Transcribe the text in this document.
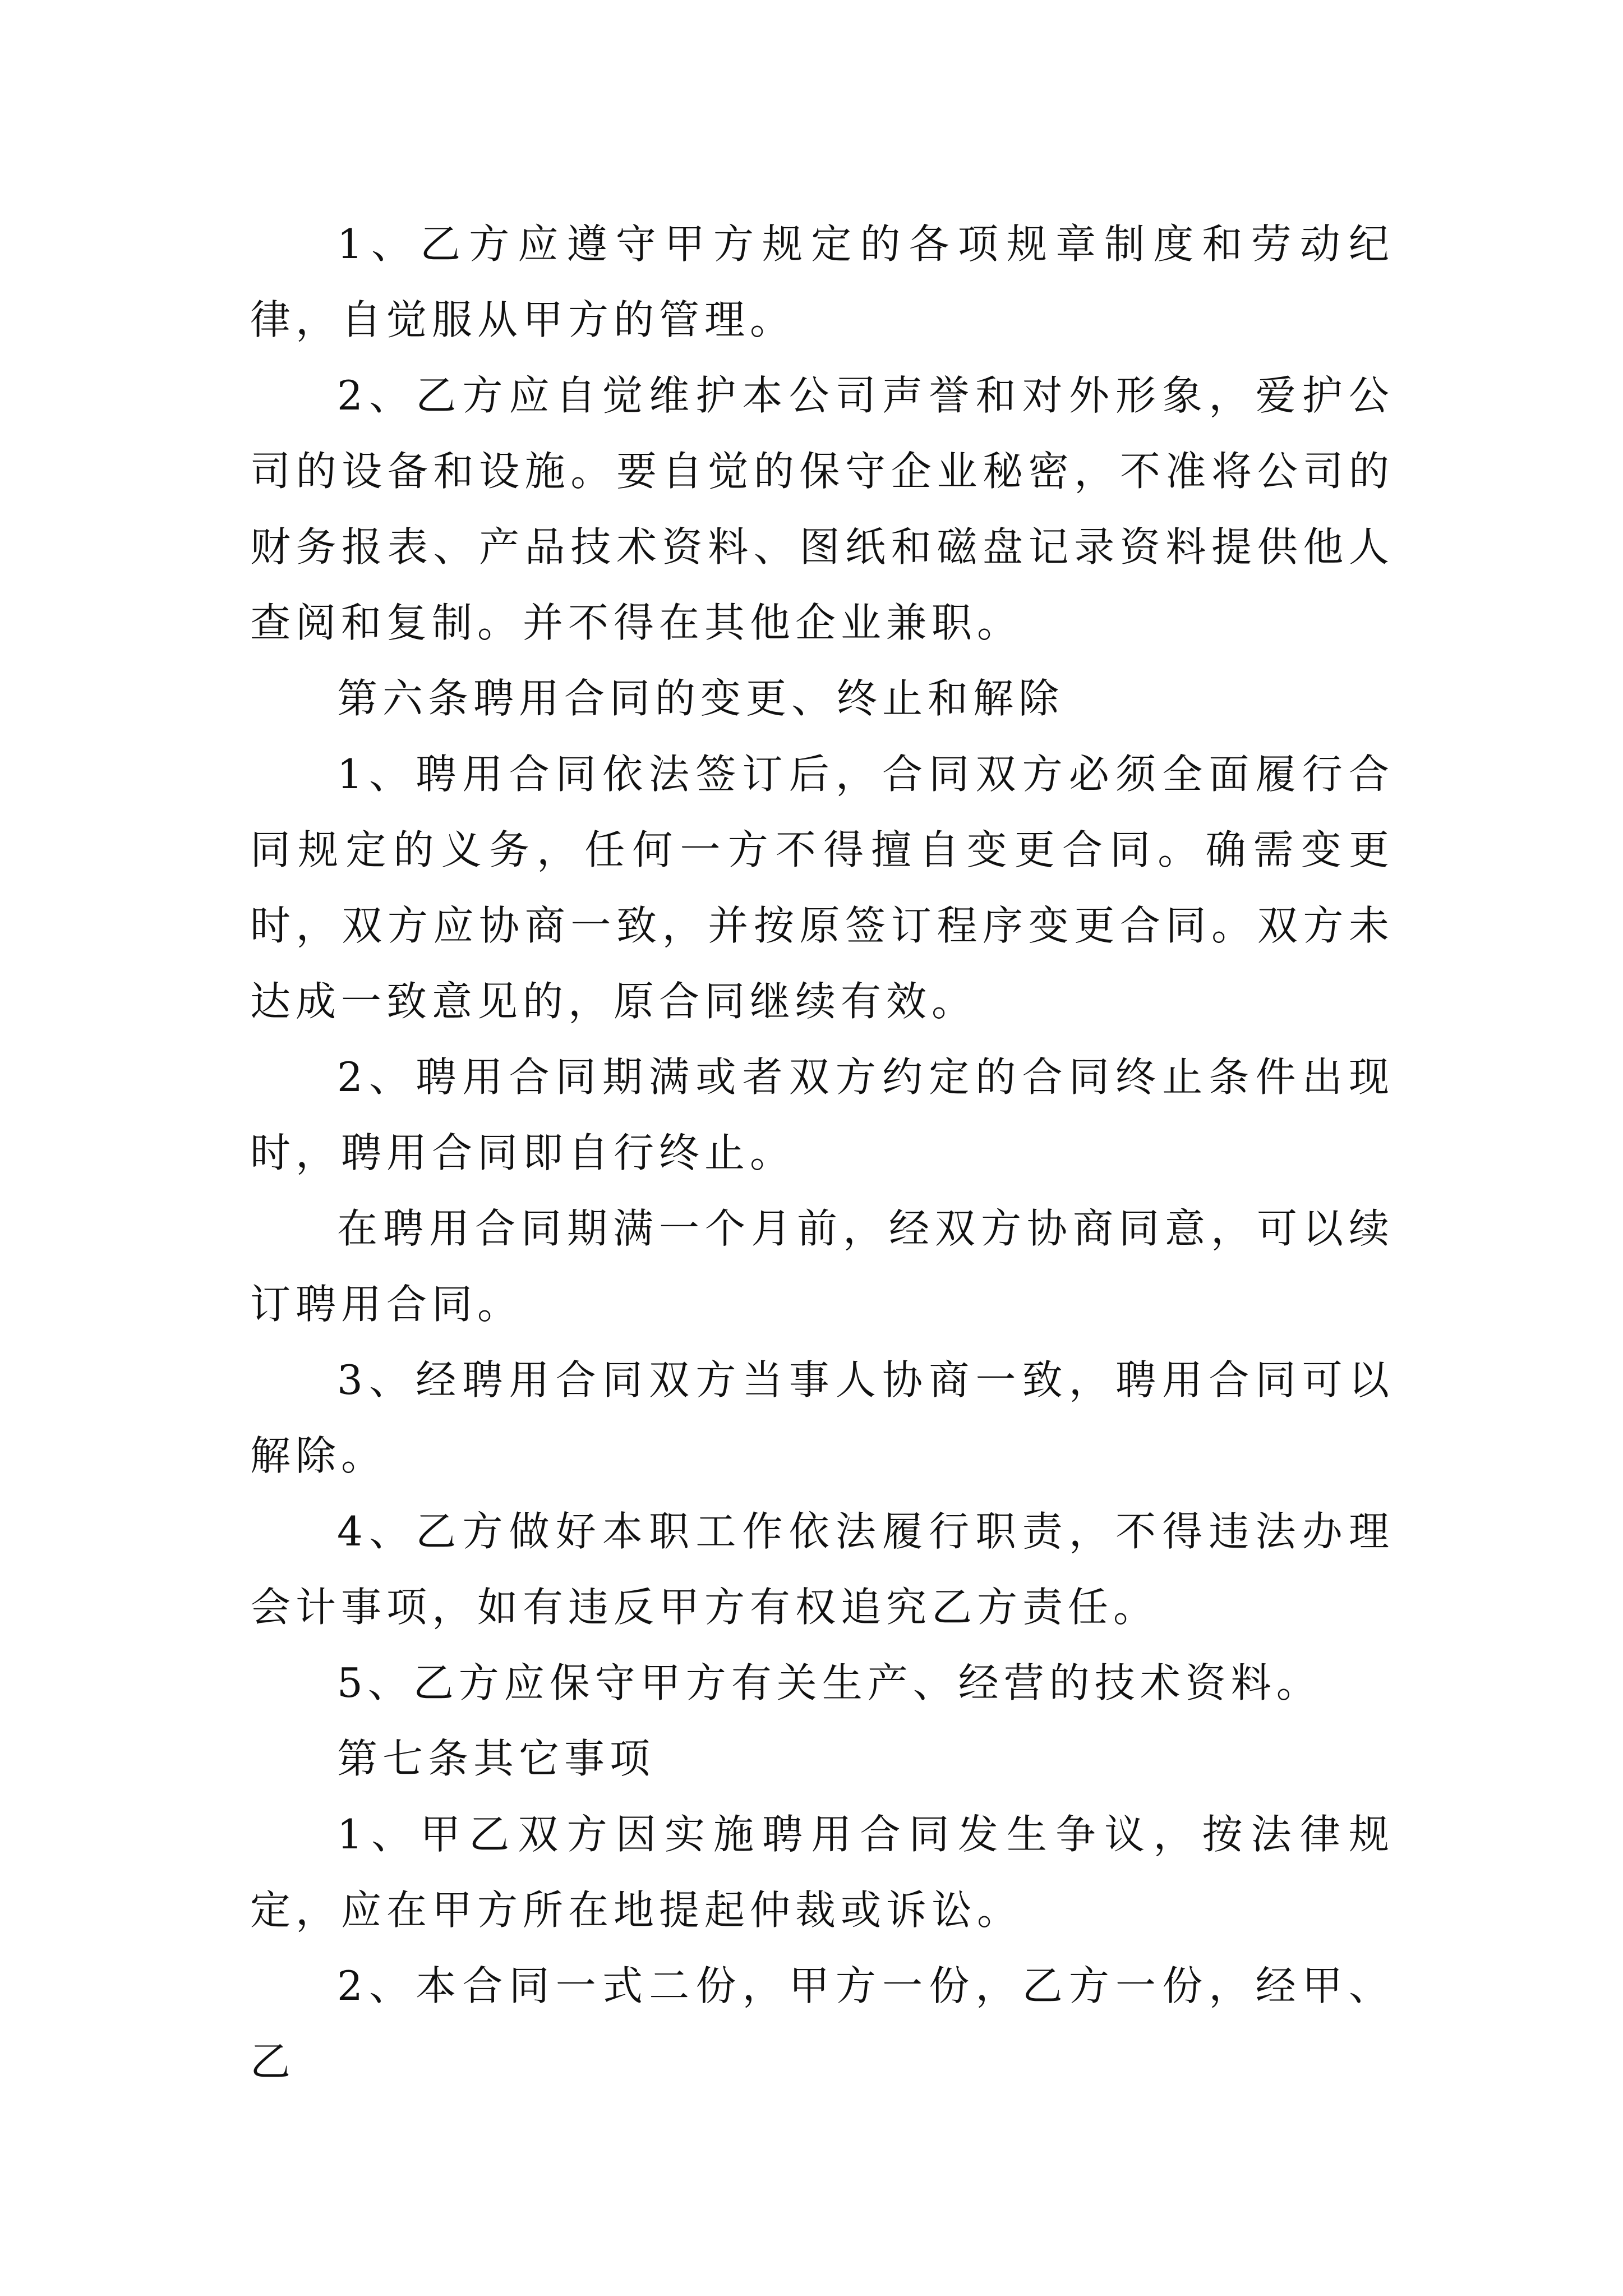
1、乙方应遵守甲方规定的各项规章制度和劳动纪律，自觉服从甲方的管理。

2、乙方应自觉维护本公司声誉和对外形象，爱护公司的设备和设施。要自觉的保守企业秘密，不准将公司的财务报表、产品技术资料、图纸和磁盘记录资料提供他人查阅和复制。并不得在其他企业兼职。

第六条聘用合同的变更、终止和解除

1、聘用合同依法签订后，合同双方必须全面履行合同规定的义务，任何一方不得擅自变更合同。确需变更时，双方应协商一致，并按原签订程序变更合同。双方未达成一致意见的，原合同继续有效。

2、聘用合同期满或者双方约定的合同终止条件出现时，聘用合同即自行终止。

在聘用合同期满一个月前，经双方协商同意，可以续订聘用合同。

3、经聘用合同双方当事人协商一致，聘用合同可以解除。

4、乙方做好本职工作依法履行职责，不得违法办理会计事项，如有违反甲方有权追究乙方责任。

5、乙方应保守甲方有关生产、经营的技术资料。

第七条其它事项

1、甲乙双方因实施聘用合同发生争议，按法律规定，应在甲方所在地提起仲裁或诉讼。

2、本合同一式二份，甲方一份，乙方一份，经甲、乙
